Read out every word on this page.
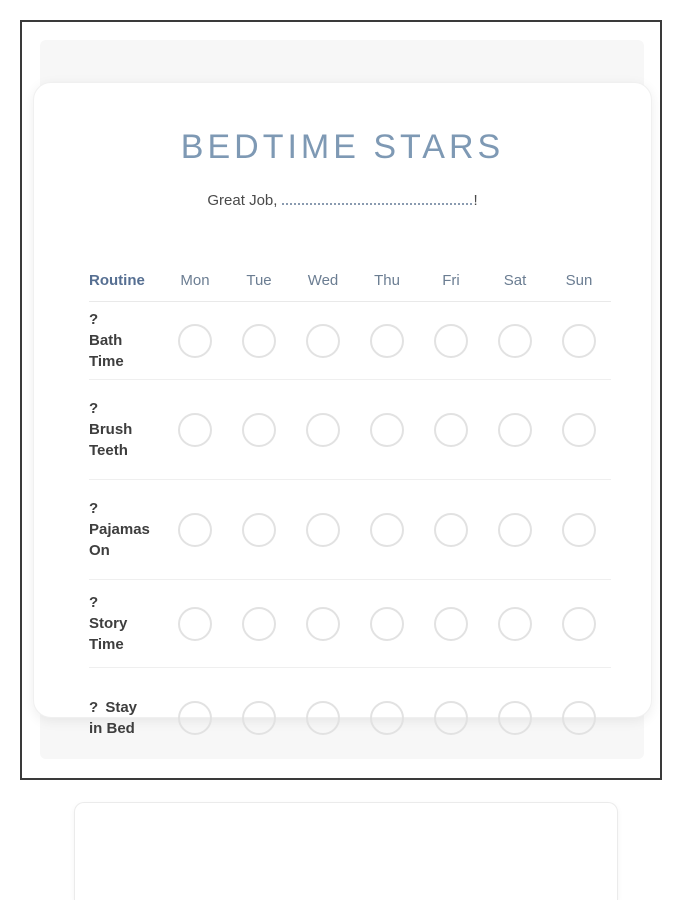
BEDTIME STARS
Great Job,	!
Routine	Mon	Tue	Wed	Thu	Fri	Sat	Sun
? Bath Time
? Brush Teeth
? Pajamas On
? Story Time
? Stay in Bed
